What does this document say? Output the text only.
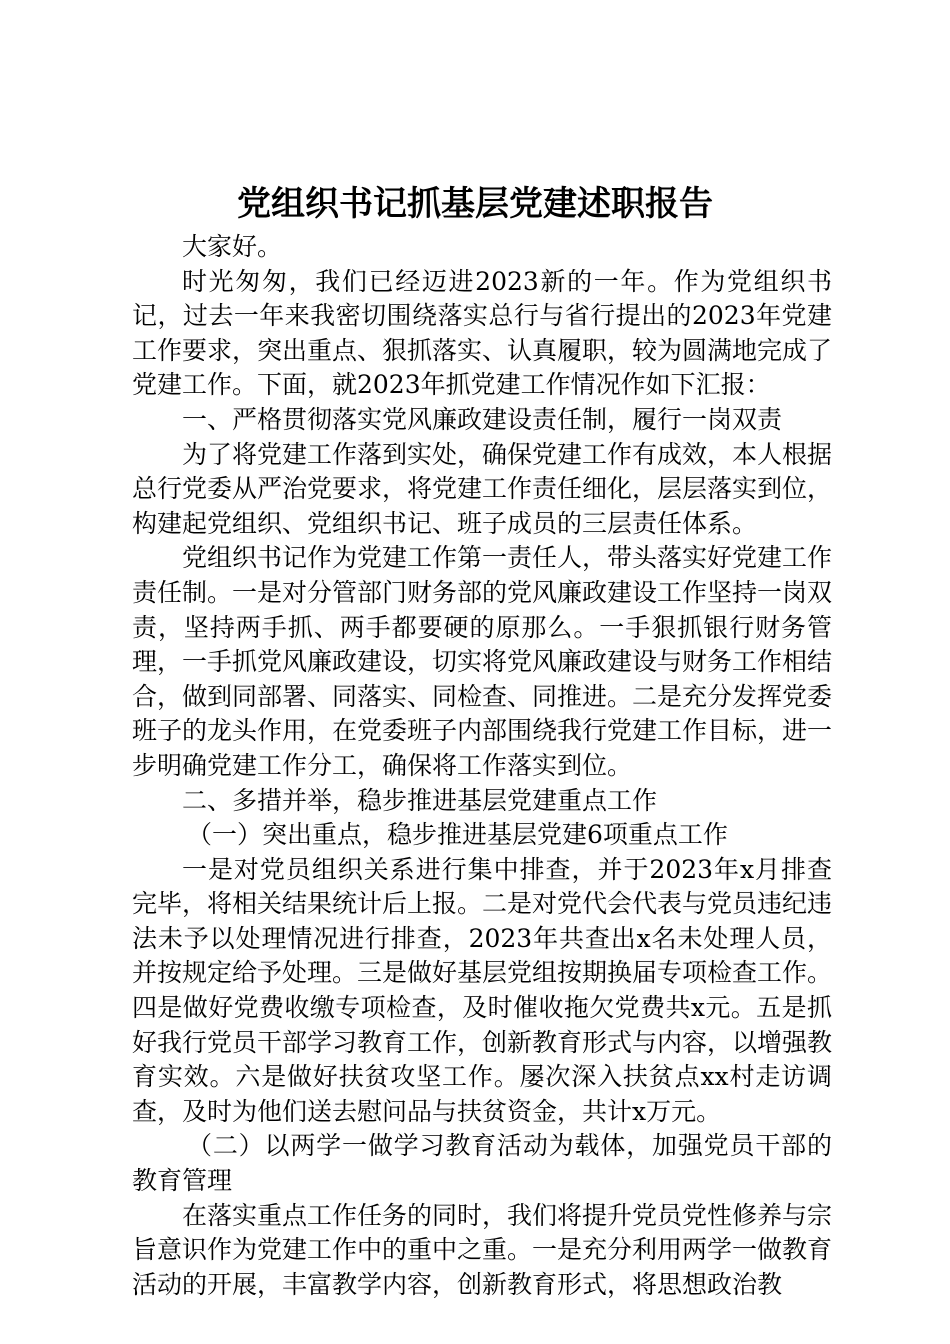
党组织书记抓基层党建述职报告

大家好。

时光匆匆，我们已经迈进2023新的一年。作为党组织书记，过去一年来我密切围绕落实总行与省行提出的2023年党建工作要求，突出重点、狠抓落实、认真履职，较为圆满地完成了党建工作。下面，就2023年抓党建工作情况作如下汇报：

一、严格贯彻落实党风廉政建设责任制，履行一岗双责

为了将党建工作落到实处，确保党建工作有成效，本人根据总行党委从严治党要求，将党建工作责任细化，层层落实到位，构建起党组织、党组织书记、班子成员的三层责任体系。

党组织书记作为党建工作第一责任人，带头落实好党建工作责任制。一是对分管部门财务部的党风廉政建设工作坚持一岗双责，坚持两手抓、两手都要硬的原那么。一手狠抓银行财务管理，一手抓党风廉政建设，切实将党风廉政建设与财务工作相结合，做到同部署、同落实、同检查、同推进。二是充分发挥党委班子的龙头作用，在党委班子内部围绕我行党建工作目标，进一步明确党建工作分工，确保将工作落实到位。

二、多措并举，稳步推进基层党建重点工作

（一）突出重点，稳步推进基层党建6项重点工作

一是对党员组织关系进行集中排查，并于2023年x月排查完毕，将相关结果统计后上报。二是对党代会代表与党员违纪违法未予以处理情况进行排查，2023年共查出x名未处理人员，并按规定给予处理。三是做好基层党组按期换届专项检查工作。四是做好党费收缴专项检查，及时催收拖欠党费共x元。五是抓好我行党员干部学习教育工作，创新教育形式与内容，以增强教育实效。六是做好扶贫攻坚工作。屡次深入扶贫点xx村走访调查，及时为他们送去慰问品与扶贫资金，共计x万元。

（二）以两学一做学习教育活动为载体，加强党员干部的教育管理

在落实重点工作任务的同时，我们将提升党员党性修养与宗旨意识作为党建工作中的重中之重。一是充分利用两学一做教育活动的开展，丰富教学内容，创新教育形式，将思想政治教
